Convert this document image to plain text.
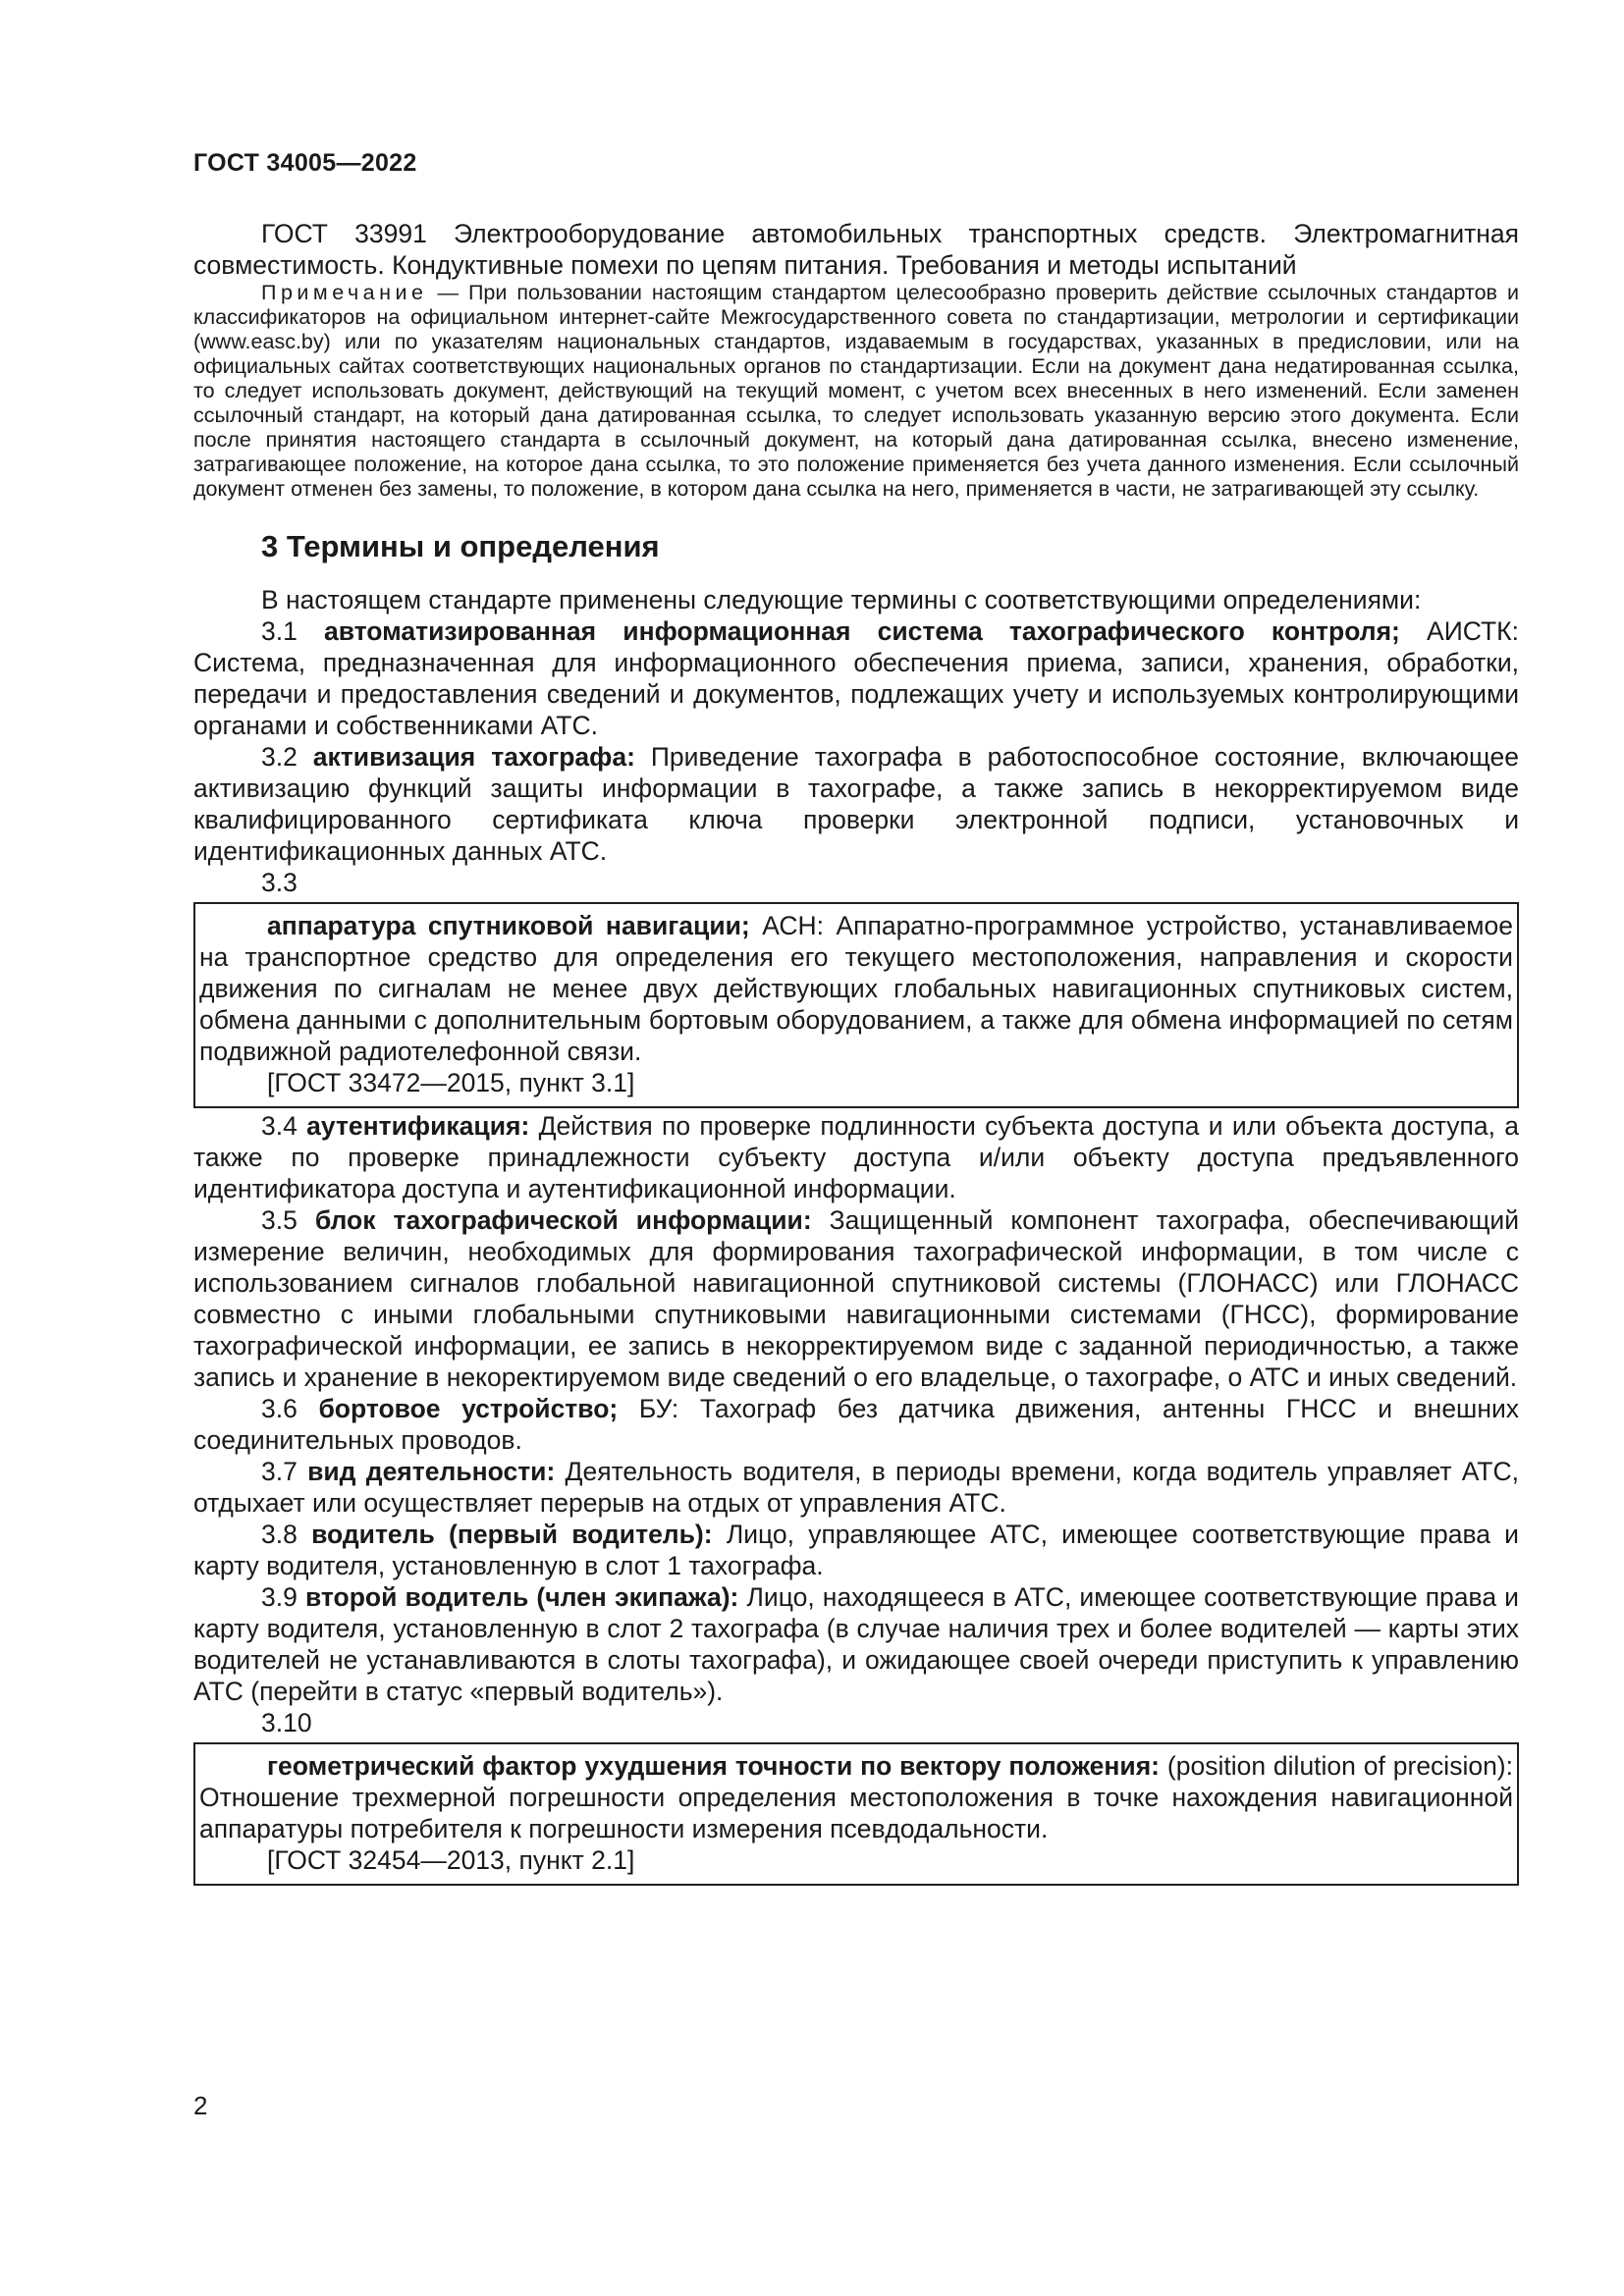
ГОСТ 34005—2022

ГОСТ 33991 Электрооборудование автомобильных транспортных средств. Электромагнитная совместимость. Кондуктивные помехи по цепям питания. Требования и методы испытаний

Примечание — При пользовании настоящим стандартом целесообразно проверить действие ссылочных стандартов и классификаторов на официальном интернет-сайте Межгосударственного совета по стандартизации, метрологии и сертификации (www.easc.by) или по указателям национальных стандартов, издаваемым в государствах, указанных в предисловии, или на официальных сайтах соответствующих национальных органов по стандартизации. Если на документ дана недатированная ссылка, то следует использовать документ, действующий на текущий момент, с учетом всех внесенных в него изменений. Если заменен ссылочный стандарт, на который дана датированная ссылка, то следует использовать указанную версию этого документа. Если после принятия настоящего стандарта в ссылочный документ, на который дана датированная ссылка, внесено изменение, затрагивающее положение, на которое дана ссылка, то это положение применяется без учета данного изменения. Если ссылочный документ отменен без замены, то положение, в котором дана ссылка на него, применяется в части, не затрагивающей эту ссылку.

3 Термины и определения

В настоящем стандарте применены следующие термины с соответствующими определениями:

3.1 автоматизированная информационная система тахографического контроля; АИСТК: Система, предназначенная для информационного обеспечения приема, записи, хранения, обработки, передачи и предоставления сведений и документов, подлежащих учету и используемых контролирующими органами и собственниками АТС.

3.2 активизация тахографа: Приведение тахографа в работоспособное состояние, включающее активизацию функций защиты информации в тахографе, а также запись в некорректируемом виде квалифицированного сертификата ключа проверки электронной подписи, установочных и идентификационных данных АТС.

3.3

аппаратура спутниковой навигации; АСН: Аппаратно-программное устройство, устанавливаемое на транспортное средство для определения его текущего местоположения, направления и скорости движения по сигналам не менее двух действующих глобальных навигационных спутниковых систем, обмена данными с дополнительным бортовым оборудованием, а также для обмена информацией по сетям подвижной радиотелефонной связи.

[ГОСТ 33472—2015, пункт 3.1]

3.4 аутентификация: Действия по проверке подлинности субъекта доступа и или объекта доступа, а также по проверке принадлежности субъекту доступа и/или объекту доступа предъявленного идентификатора доступа и аутентификационной информации.

3.5 блок тахографической информации: Защищенный компонент тахографа, обеспечивающий измерение величин, необходимых для формирования тахографической информации, в том числе с использованием сигналов глобальной навигационной спутниковой системы (ГЛОНАСС) или ГЛОНАСС совместно с иными глобальными спутниковыми навигационными системами (ГНСС), формирование тахографической информации, ее запись в некорректируемом виде с заданной периодичностью, а также запись и хранение в некоректируемом виде сведений о его владельце, о тахографе, о АТС и иных сведений.

3.6 бортовое устройство; БУ: Тахограф без датчика движения, антенны ГНСС и внешних соединительных проводов.

3.7 вид деятельности: Деятельность водителя, в периоды времени, когда водитель управляет АТС, отдыхает или осуществляет перерыв на отдых от управления АТС.

3.8 водитель (первый водитель): Лицо, управляющее АТС, имеющее соответствующие права и карту водителя, установленную в слот 1 тахографа.

3.9 второй водитель (член экипажа): Лицо, находящееся в АТС, имеющее соответствующие права и карту водителя, установленную в слот 2 тахографа (в случае наличия трех и более водителей — карты этих водителей не устанавливаются в слоты тахографа), и ожидающее своей очереди приступить к управлению АТС (перейти в статус «первый водитель»).

3.10

геометрический фактор ухудшения точности по вектору положения: (position dilution of precision): Отношение трехмерной погрешности определения местоположения в точке нахождения навигационной аппаратуры потребителя к погрешности измерения псевдодальности.

[ГОСТ 32454—2013, пункт 2.1]

2
